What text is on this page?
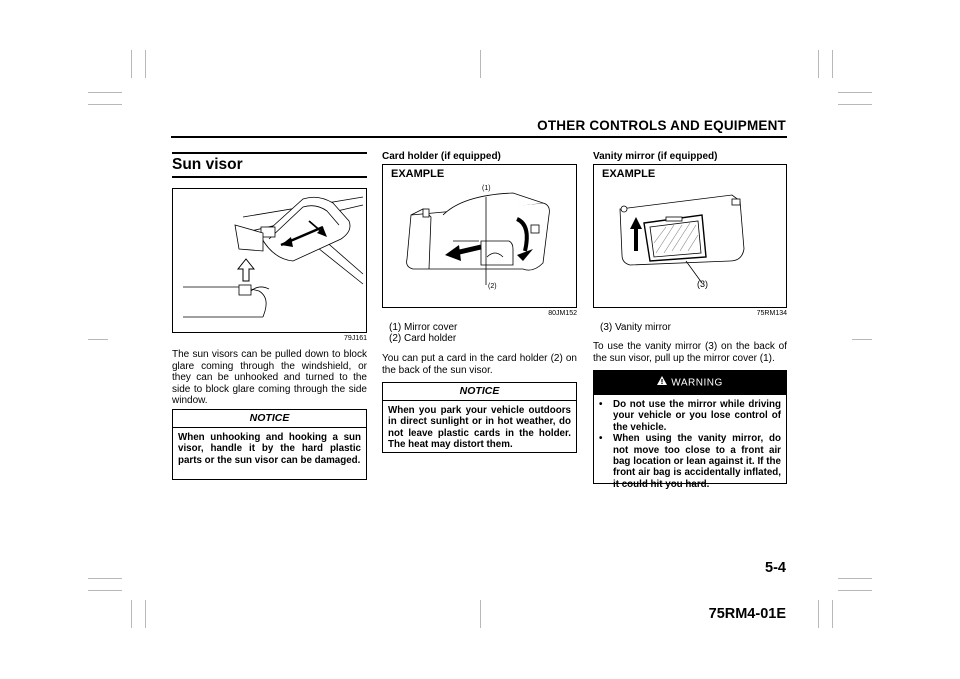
OTHER CONTROLS AND EQUIPMENT
Sun visor
79J161
The sun visors can be pulled down to block glare coming through the windshield, or they can be unhooked and turned to the side to block glare coming through the side window.
NOTICE
When unhooking and hooking a sun visor, handle it by the hard plastic parts or the sun visor can be damaged.
Card holder (if equipped)
EXAMPLE
(1)
(2)
80JM152
(1) Mirror cover
(2) Card holder
You can put a card in the card holder (2) on the back of the sun visor.
NOTICE
When you park your vehicle outdoors in direct sunlight or in hot weather, do not leave plastic cards in the holder. The heat may distort them.
Vanity mirror (if equipped)
EXAMPLE
(3)
75RM134
(3) Vanity mirror
To use the vanity mirror (3) on the back of the sun visor, pull up the mirror cover (1).
WARNING
•	Do not use the mirror while driving your vehicle or you lose control of the vehicle.
•	When using the vanity mirror, do not move too close to a front air bag location or lean against it. If the front air bag is accidentally inflated, it could hit you hard.
5-4
75RM4-01E
